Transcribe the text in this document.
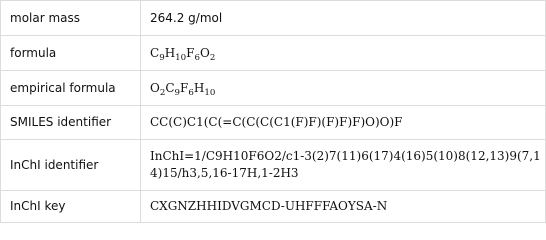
molar mass	264.2 g/mol
formula	$C_9H_{10}F_6O_2$
empirical formula	$O_2C_9F_6H_{10}$
SMILES identifier	CC(C)C1(C(=C(C(C(C1(F)F)(F)F)F)O)O)F
InChI identifier	InChI=1/C9H10F6O2/c1-3(2)7(11)6(17)4(16)5(10)8(12,13)9(7,14)15/h3,5,16-17H,1-2H3
InChI key	CXGNZHHIDVGMCD-UHFFFAOYSA-N
